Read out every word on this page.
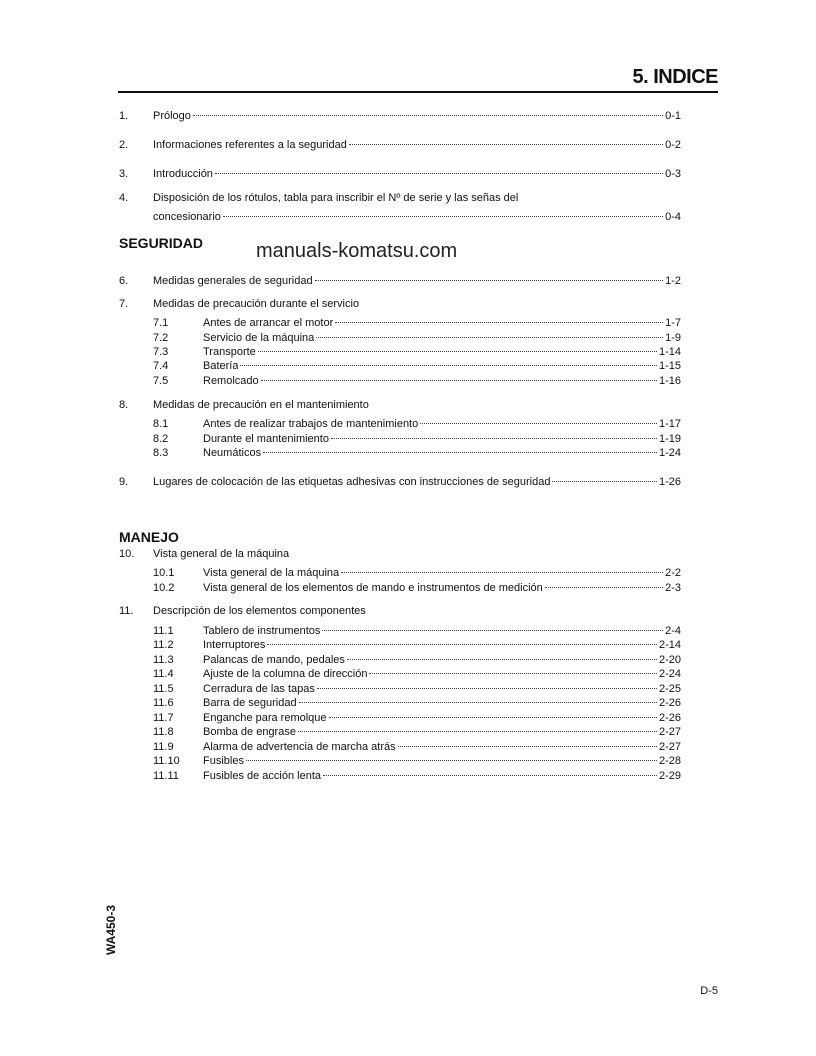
5. INDICE
1.	Prólogo	0-1
2.	Informaciones referentes a la seguridad	0-2
3.	Introducción	0-3
4.	Disposición de los rótulos, tabla para inscribir el Nº de serie y las señas del
concesionario	0-4
SEGURIDAD	manuals-komatsu.com
6.	Medidas generales de seguridad	1-2
7.	Medidas de precaución durante el servicio
7.1	Antes de arrancar el motor	1-7
7.2	Servicio de la máquina	1-9
7.3	Transporte	1-14
7.4	Batería	1-15
7.5	Remolcado	1-16
8.	Medidas de precaución en el mantenimiento
8.1	Antes de realizar trabajos de mantenimiento	1-17
8.2	Durante el mantenimiento	1-19
8.3	Neumáticos	1-24
9.	Lugares de colocación de las etiquetas adhesivas con instrucciones de seguridad	1-26
MANEJO
10.	Vista general de la máquina
10.1	Vista general de la máquina	2-2
10.2	Vista general de los elementos de mando e instrumentos de medición	2-3
11.	Descripción de los elementos componentes
11.1	Tablero de instrumentos	2-4
11.2	Interruptores	2-14
11.3	Palancas de mando, pedales	2-20
11.4	Ajuste de la columna de dirección	2-24
11.5	Cerradura de las tapas	2-25
11.6	Barra de seguridad	2-26
11.7	Enganche para remolque	2-26
11.8	Bomba de engrase	2-27
11.9	Alarma de advertencia de marcha atrás	2-27
11.10	Fusibles	2-28
11.11	Fusibles de acción lenta	2-29
WA450-3
D-5
